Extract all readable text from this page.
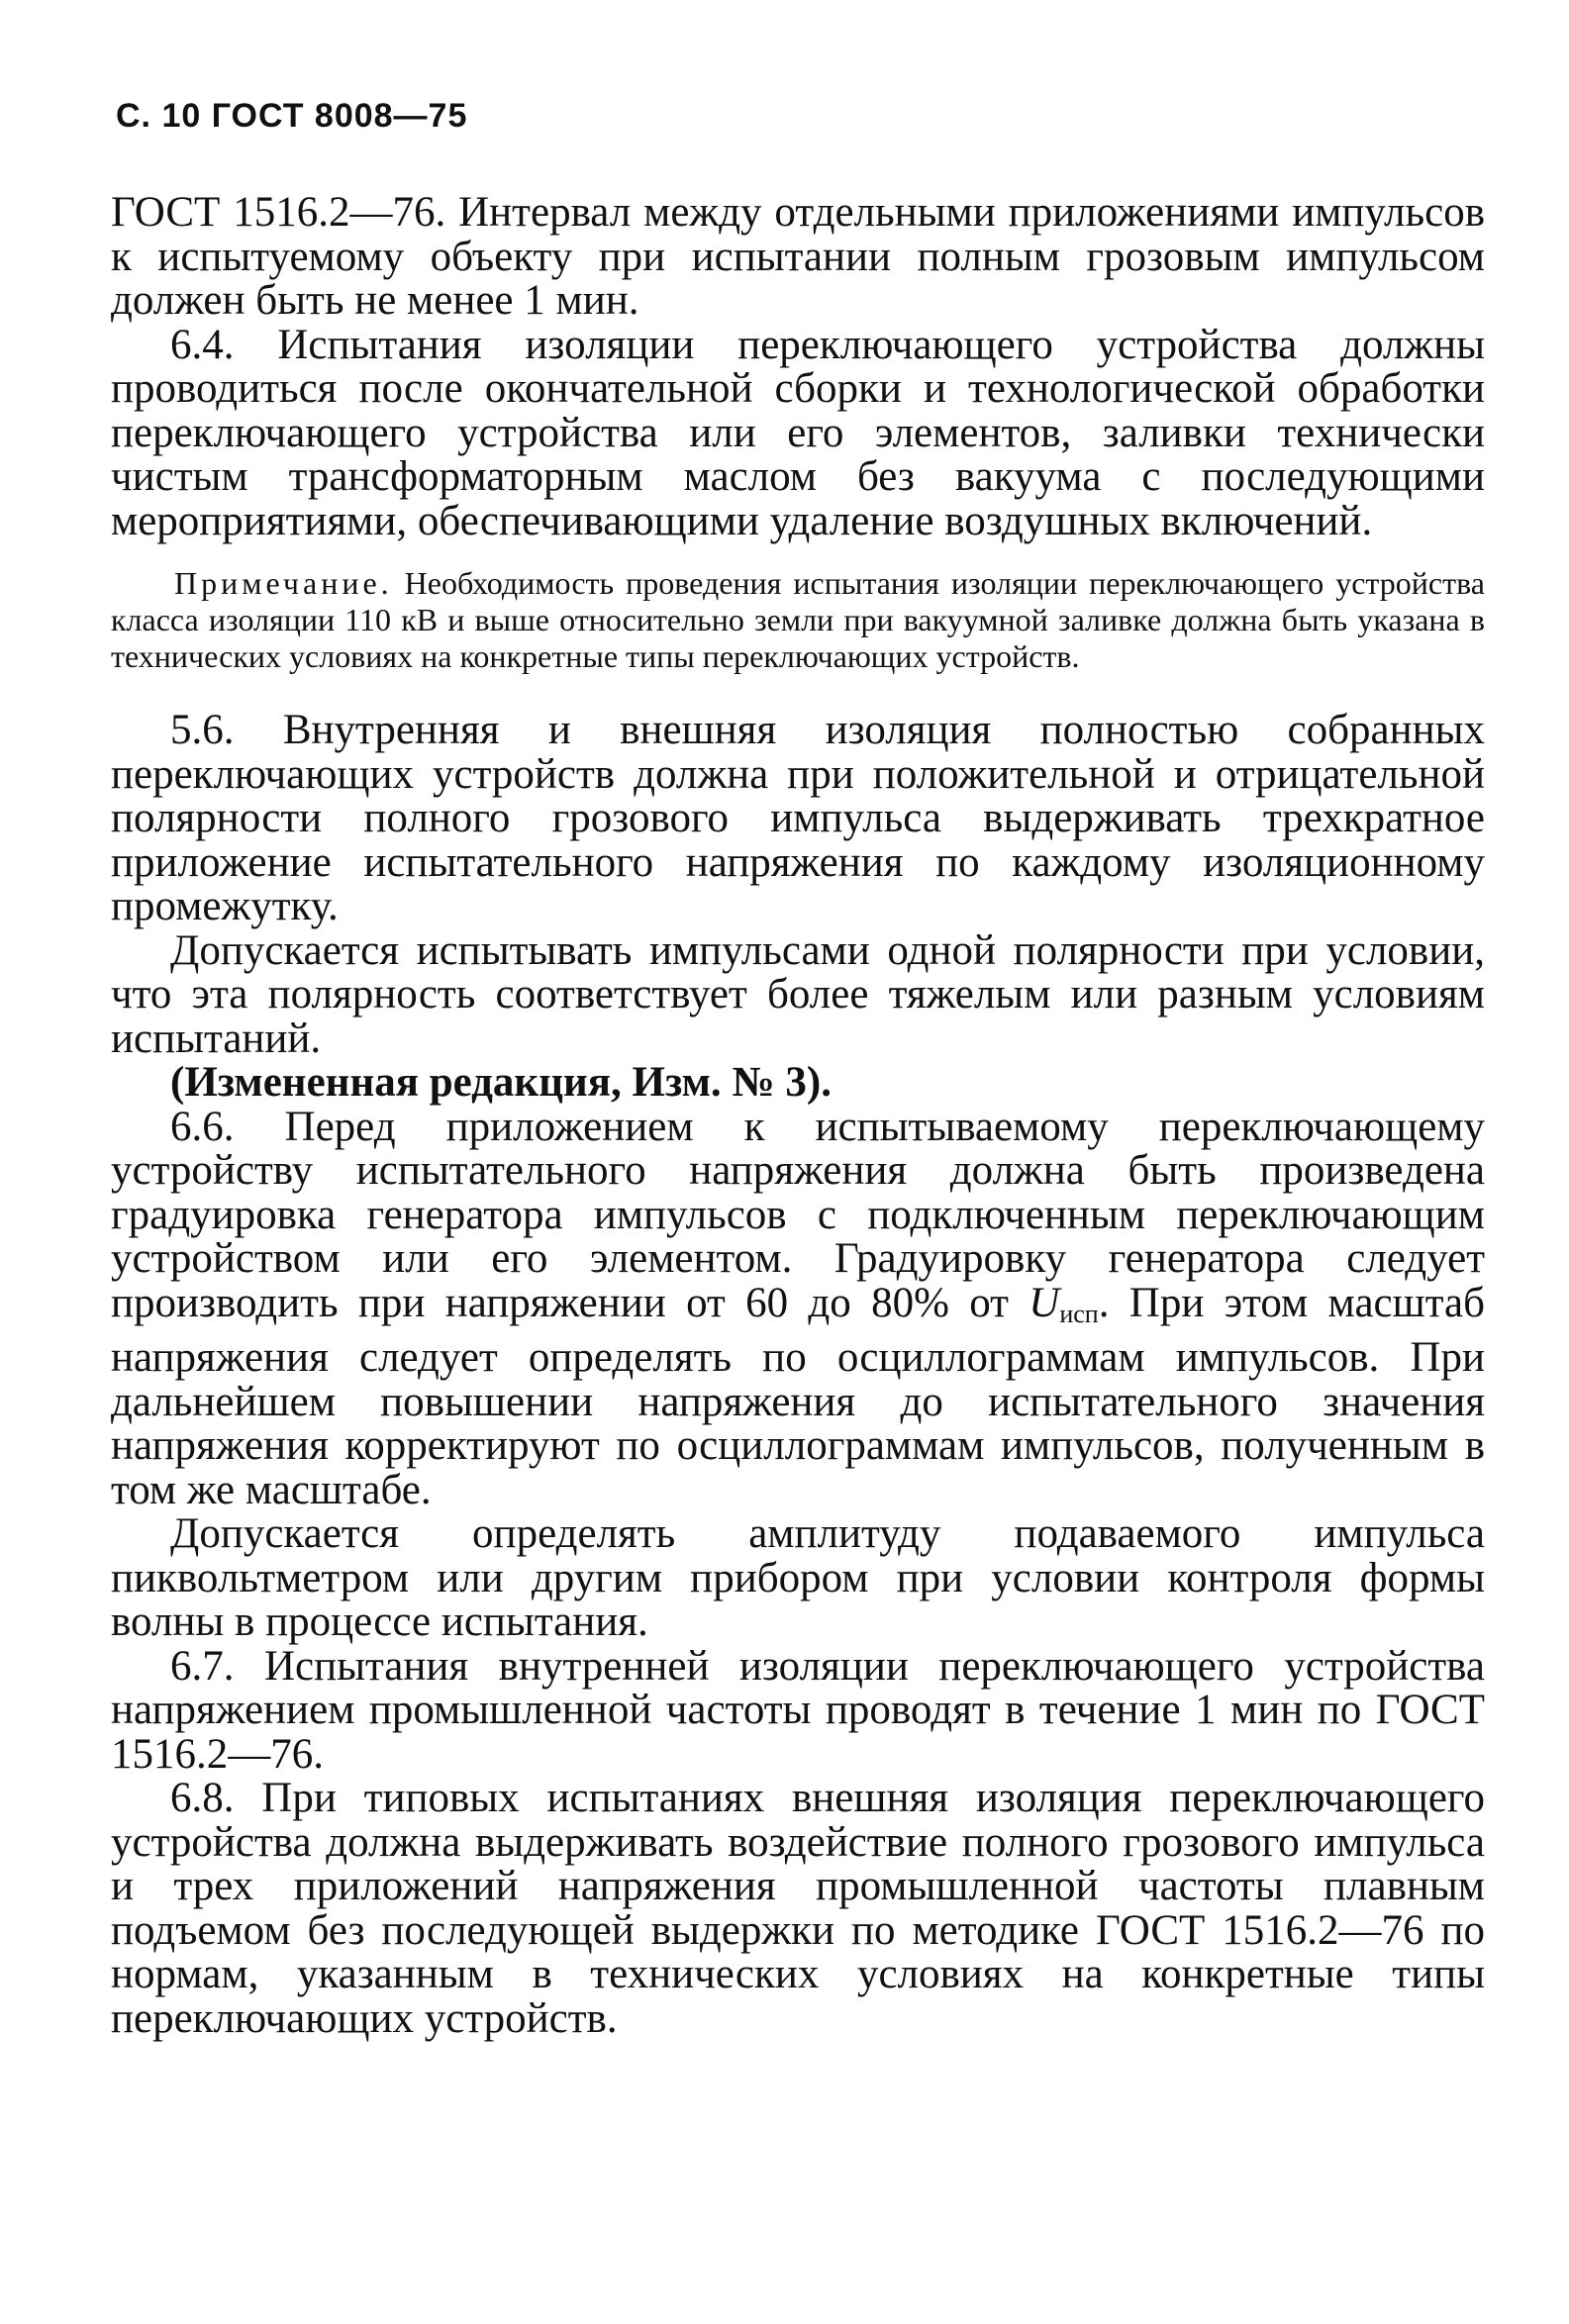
С. 10 ГОСТ 8008—75

ГОСТ 1516.2—76. Интервал между отдельными приложениями импульсов к испытуемому объекту при испытании полным грозовым импульсом должен быть не менее 1 мин.

6.4. Испытания изоляции переключающего устройства должны проводиться после окончательной сборки и технологической обработки переключающего устройства или его элементов, заливки технически чистым трансформаторным маслом без вакуума с последующими мероприятиями, обеспечивающими удаление воздушных включений.

Примечание. Необходимость проведения испытания изоляции переключающего устройства класса изоляции 110 кВ и выше относительно земли при вакуумной заливке должна быть указана в технических условиях на конкретные типы переключающих устройств.

5.6. Внутренняя и внешняя изоляция полностью собранных переключающих устройств должна при положительной и отрицательной полярности полного грозового импульса выдерживать трехкратное приложение испытательного напряжения по каждому изоляционному промежутку.

Допускается испытывать импульсами одной полярности при условии, что эта полярность соответствует более тяжелым или разным условиям испытаний.

(Измененная редакция, Изм. № 3).

6.6. Перед приложением к испытываемому переключающему устройству испытательного напряжения должна быть произведена градуировка генератора импульсов с подключенным переключающим устройством или его элементом. Градуировку генератора следует производить при напряжении от 60 до 80% от Uисп. При этом масштаб напряжения следует определять по осциллограммам импульсов. При дальнейшем повышении напряжения до испытательного значения напряжения корректируют по осциллограммам импульсов, полученным в том же масштабе.

Допускается определять амплитуду подаваемого импульса пиквольтметром или другим прибором при условии контроля формы волны в процессе испытания.

6.7. Испытания внутренней изоляции переключающего устройства напряжением промышленной частоты проводят в течение 1 мин по ГОСТ 1516.2—76.

6.8. При типовых испытаниях внешняя изоляция переключающего устройства должна выдерживать воздействие полного грозового импульса и трех приложений напряжения промышленной частоты плавным подъемом без последующей выдержки по методике ГОСТ 1516.2—76 по нормам, указанным в технических условиях на конкретные типы переключающих устройств.
